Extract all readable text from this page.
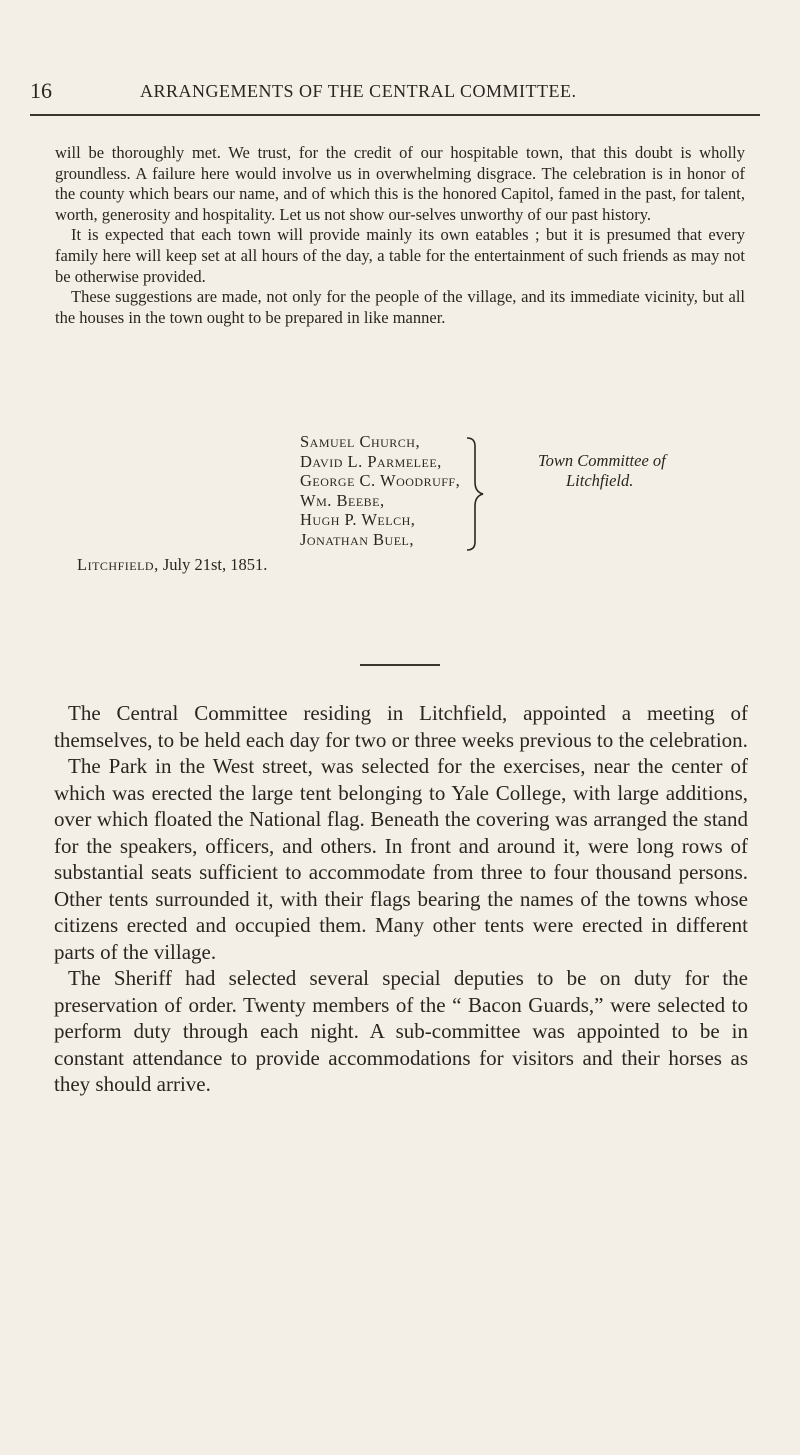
16	ARRANGEMENTS OF THE CENTRAL COMMITTEE.

will be thoroughly met. We trust, for the credit of our hospitable town, that this doubt is wholly groundless. A failure here would involve us in overwhelming disgrace. The celebration is in honor of the county which bears our name, and of which this is the honored Capitol, famed in the past, for talent, worth, generosity and hospitality. Let us not show our-selves unworthy of our past history.

It is expected that each town will provide mainly its own eatables ; but it is presumed that every family here will keep set at all hours of the day, a table for the entertainment of such friends as may not be otherwise provided.

These suggestions are made, not only for the people of the village, and its immediate vicinity, but all the houses in the town ought to be prepared in like manner.

Samuel Church,
David L. Parmelee,
George C. Woodruff,
Wm. Beebe,
Hugh P. Welch,
Jonathan Buel,
Town Committee of
Litchfield.
Litchfield, July 21st, 1851.

The Central Committee residing in Litchfield, appointed a meeting of themselves, to be held each day for two or three weeks previous to the celebration.

The Park in the West street, was selected for the exercises, near the center of which was erected the large tent belonging to Yale College, with large additions, over which floated the National flag. Beneath the covering was arranged the stand for the speakers, officers, and others. In front and around it, were long rows of substantial seats sufficient to accommodate from three to four thousand persons. Other tents surrounded it, with their flags bearing the names of the towns whose citizens erected and occupied them. Many other tents were erected in different parts of the village.

The Sheriff had selected several special deputies to be on duty for the preservation of order. Twenty members of the “ Bacon Guards,” were selected to perform duty through each night. A sub-committee was appointed to be in constant attendance to provide accommodations for visitors and their horses as they should arrive.
